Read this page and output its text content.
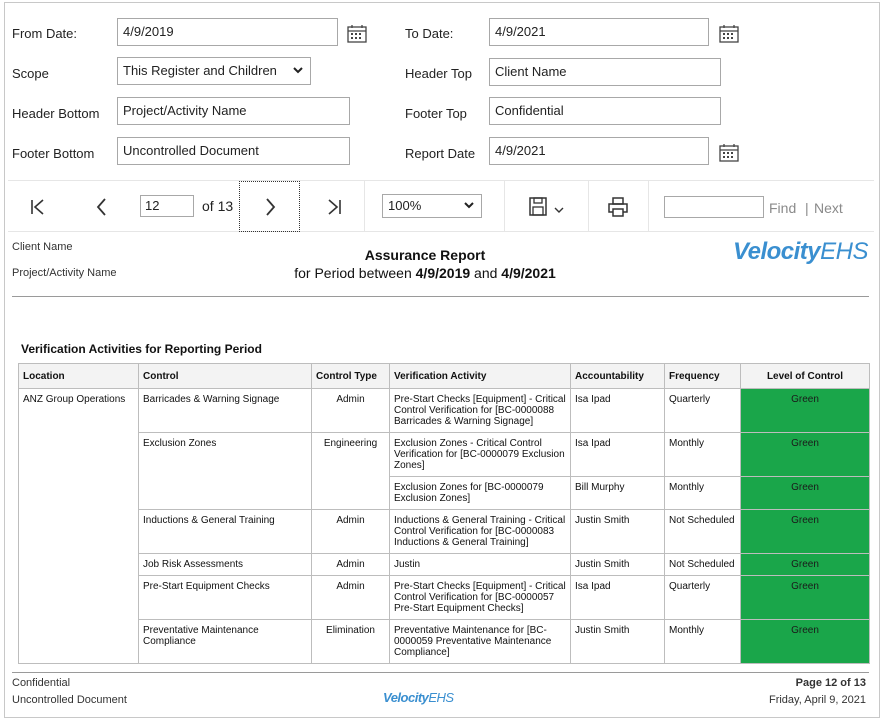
From Date:	4/9/2019	To Date:	4/9/2021
Scope	This Register and Children	Header Top	Client Name
Header Bottom	Project/Activity Name	Footer Top	Confidential
Footer Bottom	Uncontrolled Document	Report Date	4/9/2021
12	of 13	100%	Find | Next
Client Name
Project/Activity Name
Assurance Report
for Period between 4/9/2019 and 4/9/2021
VelocityEHS
Verification Activities for Reporting Period
Location	Control	Control Type	Verification Activity	Accountability	Frequency	Level of Control
ANZ Group Operations	Barricades & Warning Signage	Admin	Pre-Start Checks [Equipment] - Critical Control Verification for [BC-0000088 Barricades & Warning Signage]	Isa Ipad	Quarterly	Green
	Exclusion Zones	Engineering	Exclusion Zones - Critical Control Verification for [BC-0000079 Exclusion Zones]	Isa Ipad	Monthly	Green
			Exclusion Zones for [BC-0000079 Exclusion Zones]	Bill Murphy	Monthly	Green
	Inductions & General Training	Admin	Inductions & General Training - Critical Control Verification for [BC-0000083 Inductions & General Training]	Justin Smith	Not Scheduled	Green
	Job Risk Assessments	Admin	Justin	Justin Smith	Not Scheduled	Green
	Pre-Start Equipment Checks	Admin	Pre-Start Checks [Equipment] - Critical Control Verification for [BC-0000057 Pre-Start Equipment Checks]	Isa Ipad	Quarterly	Green
	Preventative Maintenance Compliance	Elimination	Preventative Maintenance for [BC-0000059 Preventative Maintenance Compliance]	Justin Smith	Monthly	Green
Confidential
Uncontrolled Document	VelocityEHS
Page 12 of 13
Friday, April 9, 2021
